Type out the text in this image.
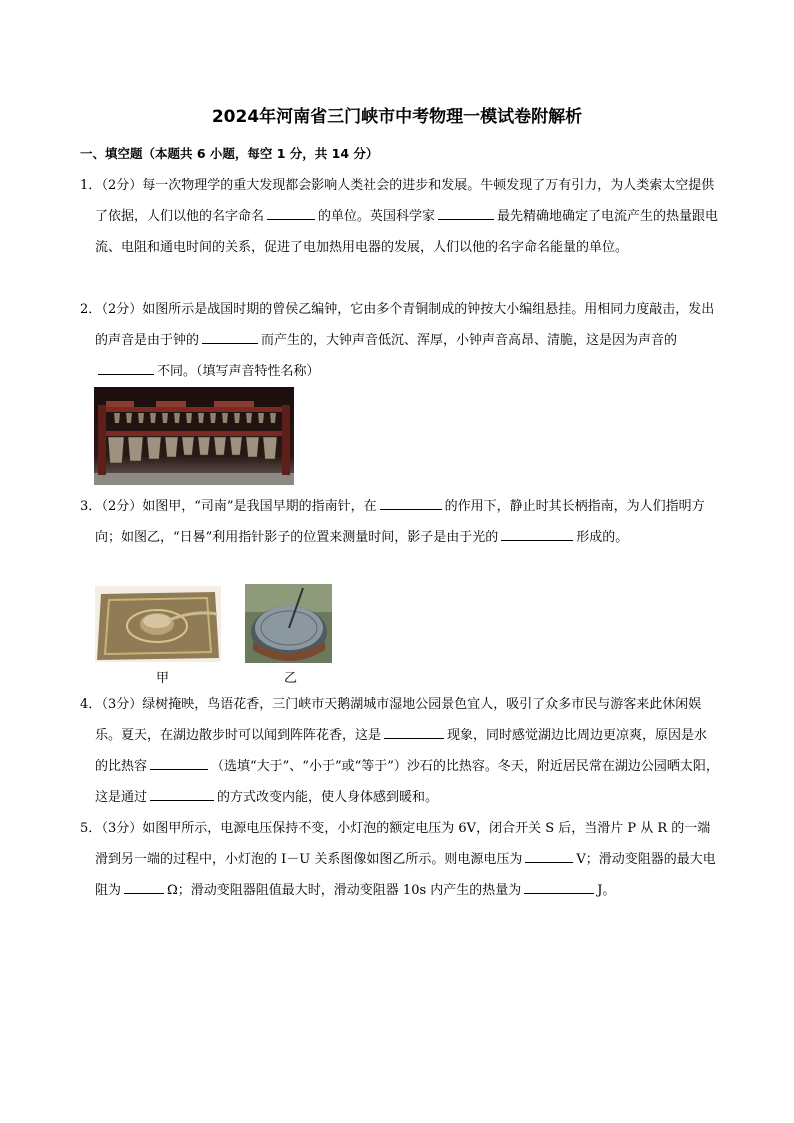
2024年河南省三门峡市中考物理一模试卷附解析
一、填空题（本题共 6 小题，每空 1 分，共 14 分）
1．
（2分）每一次物理学的重大发现都会影响人类社会的进步和发展。牛顿发现了万有引力，为人类索太空提供了依据，人们以他的名字命名	的单位。英国科学家	最先精确地确定了电流产生的热量跟电流、电阻和通电时间的关系，促进了电加热用电器的发展，人们以他的名字命名能量的单位。
2．
（2分）如图所示是战国时期的曾侯乙编钟，它由多个青铜制成的钟按大小编组悬挂。用相同力度敲击，发出的声音是由于钟的	而产生的，大钟声音低沉、浑厚，小钟声音高昂、清脆，这是因为声音的不同。（填写声音特性名称）
3．
（2分）如图甲，“司南”是我国早期的指南针，在	的作用下，静止时其长柄指南，为人们指明方向；如图乙，“日晷”利用指针影子的位置来测量时间，影子是由于光的	形成的。
甲	乙
4．
（3分）绿树掩映，鸟语花香，三门峡市天鹅湖城市湿地公园景色宜人，吸引了众多市民与游客来此休闲娱乐。夏天，在湖边散步时可以闻到阵阵花香，这是	现象，同时感觉湖边比周边更凉爽，原因是水的比热容	（选填“大于”、“小于”或“等于”）沙石的比热容。冬天，附近居民常在湖边公园晒太阳，这是通过	的方式改变内能，使人身体感到暖和。
5．
（3分）如图甲所示，电源电压保持不变，小灯泡的额定电压为 6V，闭合开关 S 后，当滑片 P 从 R 的一端滑到另一端的过程中，小灯泡的 I－U 关系图像如图乙所示。则电源电压为	V；滑动变阻器的最大电阻为	Ω；滑动变阻器阻值最大时，滑动变阻器 10s 内产生的热量为	J。
